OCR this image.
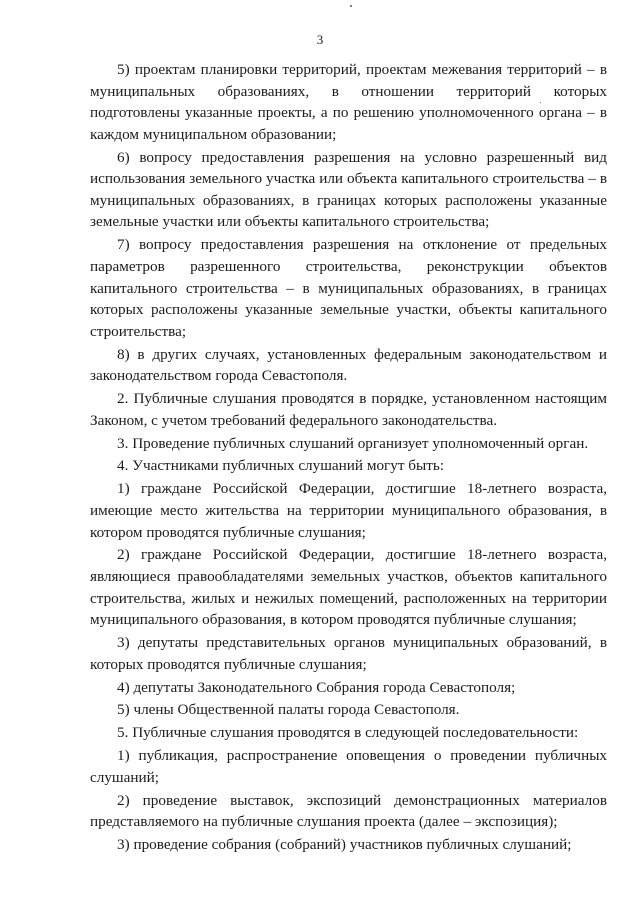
3

5) проектам планировки территорий, проектам межевания территорий – в муниципальных образованиях, в отношении территорий которых подготовлены указанные проекты, а по решению уполномоченного органа – в каждом муниципальном образовании;

6) вопросу предоставления разрешения на условно разрешенный вид использования земельного участка или объекта капитального строительства – в муниципальных образованиях, в границах которых расположены указанные земельные участки или объекты капитального строительства;

7) вопросу предоставления разрешения на отклонение от предельных параметров разрешенного строительства, реконструкции объектов капитального строительства – в муниципальных образованиях, в границах которых расположены указанные земельные участки, объекты капитального строительства;

8) в других случаях, установленных федеральным законодательством и законодательством города Севастополя.

2. Публичные слушания проводятся в порядке, установленном настоящим Законом, с учетом требований федерального законодательства.

3. Проведение публичных слушаний организует уполномоченный орган.

4. Участниками публичных слушаний могут быть:

1) граждане Российской Федерации, достигшие 18-летнего возраста, имеющие место жительства на территории муниципального образования, в котором проводятся публичные слушания;

2) граждане Российской Федерации, достигшие 18-летнего возраста, являющиеся правообладателями земельных участков, объектов капитального строительства, жилых и нежилых помещений, расположенных на территории муниципального образования, в котором проводятся публичные слушания;

3) депутаты представительных органов муниципальных образований, в которых проводятся публичные слушания;

4) депутаты Законодательного Собрания города Севастополя;

5) члены Общественной палаты города Севастополя.

5. Публичные слушания проводятся в следующей последовательности:

1) публикация, распространение оповещения о проведении публичных слушаний;

2) проведение выставок, экспозиций демонстрационных материалов представляемого на публичные слушания проекта (далее – экспозиция);

3) проведение собрания (собраний) участников публичных слушаний;
